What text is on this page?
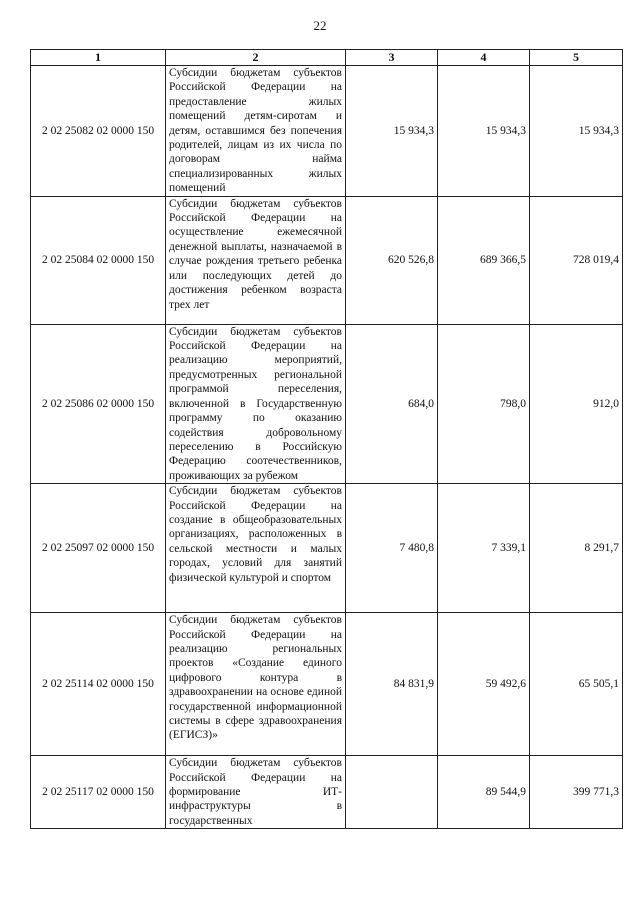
22
1	2	3	4	5
2 02 25082 02 0000 150	Субсидии бюджетам субъектов Российской Федерации на предоставление жилых помещений детям-сиротам и детям, оставшимся без попечения родителей, лицам из их числа по договорам найма специализированных жилых помещений	15 934,3	15 934,3	15 934,3
2 02 25084 02 0000 150	Субсидии бюджетам субъектов Российской Федерации на осуществление ежемесячной денежной выплаты, назначаемой в случае рождения третьего ребенка или последующих детей до достижения ребенком возраста трех лет	620 526,8	689 366,5	728 019,4
2 02 25086 02 0000 150	Субсидии бюджетам субъектов Российской Федерации на реализацию мероприятий, предусмотренных региональной программой переселения, включенной в Государственную программу по оказанию содействия добровольному переселению в Российскую Федерацию соотечественников, проживающих за рубежом	684,0	798,0	912,0
2 02 25097 02 0000 150	Субсидии бюджетам субъектов Российской Федерации на создание в общеобразовательных организациях, расположенных в сельской местности и малых городах, условий для занятий физической культурой и спортом	7 480,8	7 339,1	8 291,7
2 02 25114 02 0000 150	Субсидии бюджетам субъектов Российской Федерации на реализацию региональных проектов «Создание единого цифрового контура в здравоохранении на основе единой государственной информационной системы в сфере здравоохранения (ЕГИСЗ)»	84 831,9	59 492,6	65 505,1
2 02 25117 02 0000 150	Субсидии бюджетам субъектов Российской Федерации на формирование ИТ-инфраструктуры в государственных		89 544,9	399 771,3
